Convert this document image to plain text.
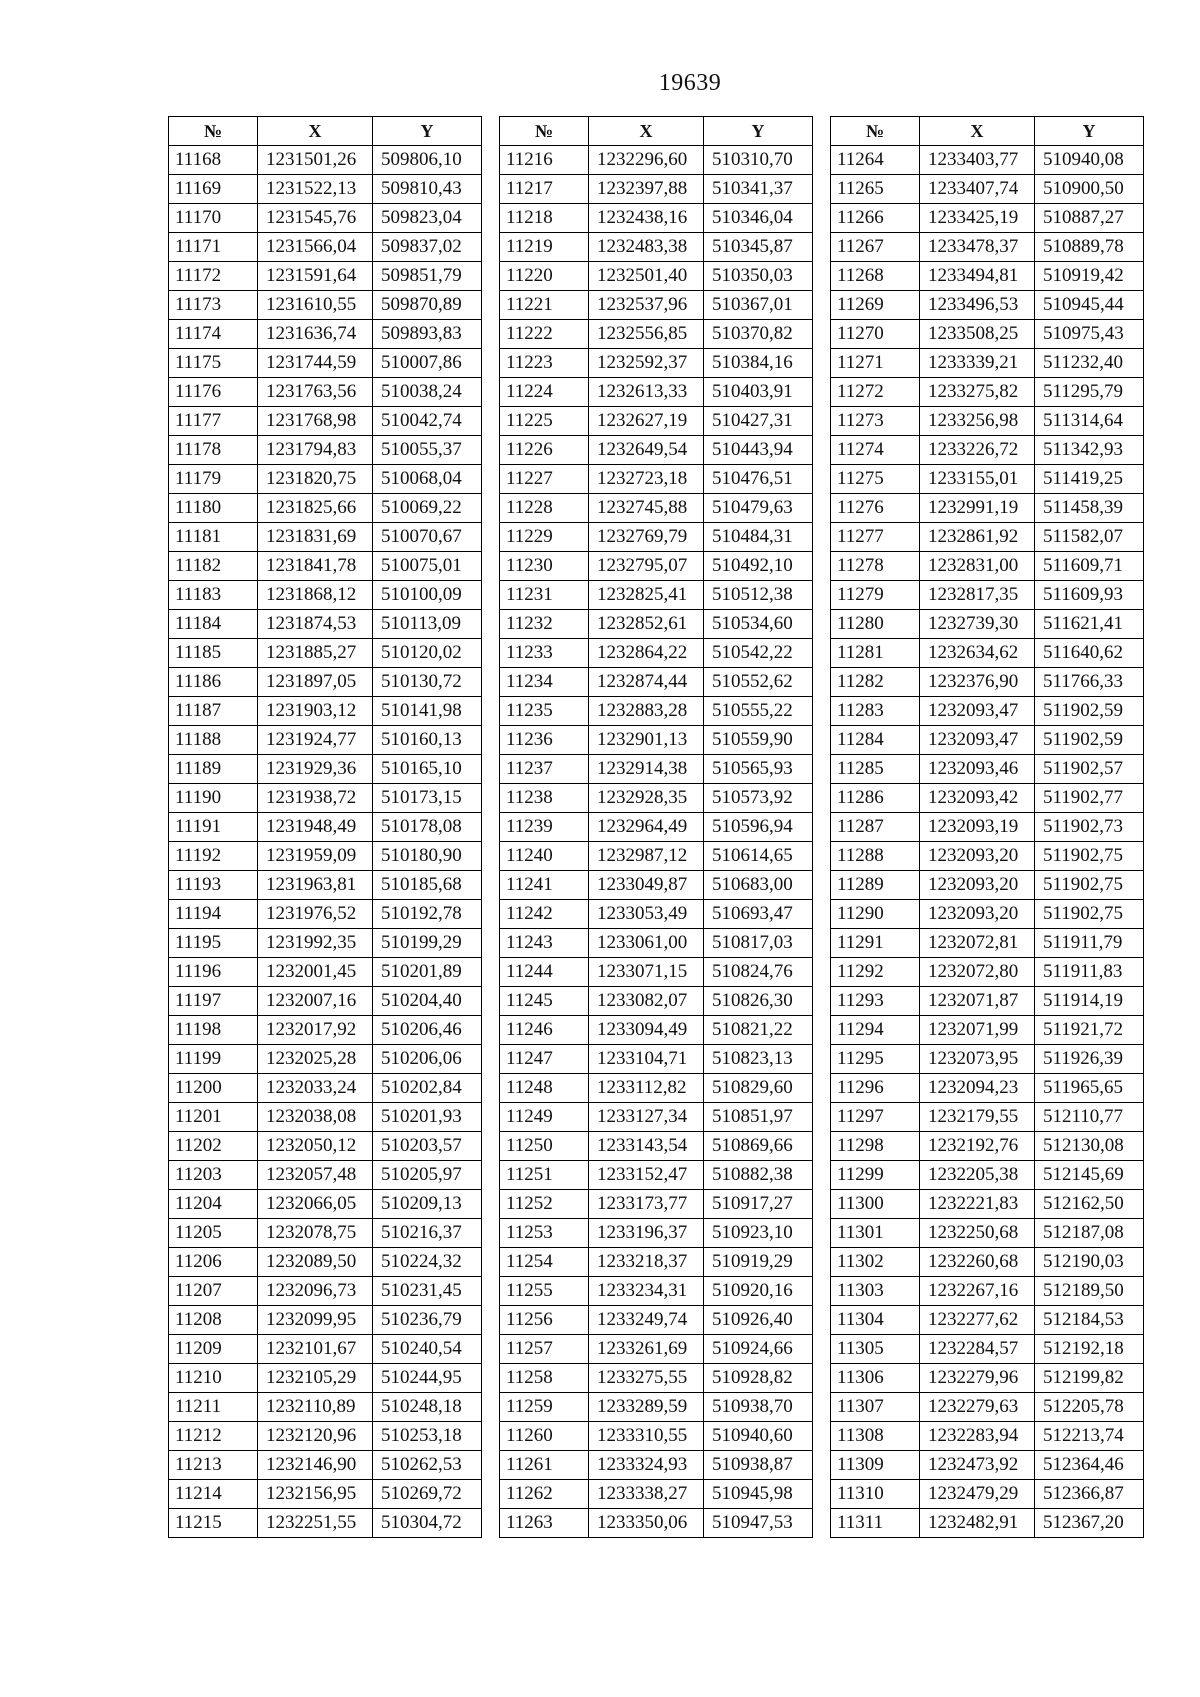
19639
№	X	Y
11168	1231501,26	509806,10
11169	1231522,13	509810,43
11170	1231545,76	509823,04
11171	1231566,04	509837,02
11172	1231591,64	509851,79
11173	1231610,55	509870,89
11174	1231636,74	509893,83
11175	1231744,59	510007,86
11176	1231763,56	510038,24
11177	1231768,98	510042,74
11178	1231794,83	510055,37
11179	1231820,75	510068,04
11180	1231825,66	510069,22
11181	1231831,69	510070,67
11182	1231841,78	510075,01
11183	1231868,12	510100,09
11184	1231874,53	510113,09
11185	1231885,27	510120,02
11186	1231897,05	510130,72
11187	1231903,12	510141,98
11188	1231924,77	510160,13
11189	1231929,36	510165,10
11190	1231938,72	510173,15
11191	1231948,49	510178,08
11192	1231959,09	510180,90
11193	1231963,81	510185,68
11194	1231976,52	510192,78
11195	1231992,35	510199,29
11196	1232001,45	510201,89
11197	1232007,16	510204,40
11198	1232017,92	510206,46
11199	1232025,28	510206,06
11200	1232033,24	510202,84
11201	1232038,08	510201,93
11202	1232050,12	510203,57
11203	1232057,48	510205,97
11204	1232066,05	510209,13
11205	1232078,75	510216,37
11206	1232089,50	510224,32
11207	1232096,73	510231,45
11208	1232099,95	510236,79
11209	1232101,67	510240,54
11210	1232105,29	510244,95
11211	1232110,89	510248,18
11212	1232120,96	510253,18
11213	1232146,90	510262,53
11214	1232156,95	510269,72
11215	1232251,55	510304,72
№	X	Y
11216	1232296,60	510310,70
11217	1232397,88	510341,37
11218	1232438,16	510346,04
11219	1232483,38	510345,87
11220	1232501,40	510350,03
11221	1232537,96	510367,01
11222	1232556,85	510370,82
11223	1232592,37	510384,16
11224	1232613,33	510403,91
11225	1232627,19	510427,31
11226	1232649,54	510443,94
11227	1232723,18	510476,51
11228	1232745,88	510479,63
11229	1232769,79	510484,31
11230	1232795,07	510492,10
11231	1232825,41	510512,38
11232	1232852,61	510534,60
11233	1232864,22	510542,22
11234	1232874,44	510552,62
11235	1232883,28	510555,22
11236	1232901,13	510559,90
11237	1232914,38	510565,93
11238	1232928,35	510573,92
11239	1232964,49	510596,94
11240	1232987,12	510614,65
11241	1233049,87	510683,00
11242	1233053,49	510693,47
11243	1233061,00	510817,03
11244	1233071,15	510824,76
11245	1233082,07	510826,30
11246	1233094,49	510821,22
11247	1233104,71	510823,13
11248	1233112,82	510829,60
11249	1233127,34	510851,97
11250	1233143,54	510869,66
11251	1233152,47	510882,38
11252	1233173,77	510917,27
11253	1233196,37	510923,10
11254	1233218,37	510919,29
11255	1233234,31	510920,16
11256	1233249,74	510926,40
11257	1233261,69	510924,66
11258	1233275,55	510928,82
11259	1233289,59	510938,70
11260	1233310,55	510940,60
11261	1233324,93	510938,87
11262	1233338,27	510945,98
11263	1233350,06	510947,53
№	X	Y
11264	1233403,77	510940,08
11265	1233407,74	510900,50
11266	1233425,19	510887,27
11267	1233478,37	510889,78
11268	1233494,81	510919,42
11269	1233496,53	510945,44
11270	1233508,25	510975,43
11271	1233339,21	511232,40
11272	1233275,82	511295,79
11273	1233256,98	511314,64
11274	1233226,72	511342,93
11275	1233155,01	511419,25
11276	1232991,19	511458,39
11277	1232861,92	511582,07
11278	1232831,00	511609,71
11279	1232817,35	511609,93
11280	1232739,30	511621,41
11281	1232634,62	511640,62
11282	1232376,90	511766,33
11283	1232093,47	511902,59
11284	1232093,47	511902,59
11285	1232093,46	511902,57
11286	1232093,42	511902,77
11287	1232093,19	511902,73
11288	1232093,20	511902,75
11289	1232093,20	511902,75
11290	1232093,20	511902,75
11291	1232072,81	511911,79
11292	1232072,80	511911,83
11293	1232071,87	511914,19
11294	1232071,99	511921,72
11295	1232073,95	511926,39
11296	1232094,23	511965,65
11297	1232179,55	512110,77
11298	1232192,76	512130,08
11299	1232205,38	512145,69
11300	1232221,83	512162,50
11301	1232250,68	512187,08
11302	1232260,68	512190,03
11303	1232267,16	512189,50
11304	1232277,62	512184,53
11305	1232284,57	512192,18
11306	1232279,96	512199,82
11307	1232279,63	512205,78
11308	1232283,94	512213,74
11309	1232473,92	512364,46
11310	1232479,29	512366,87
11311	1232482,91	512367,20
